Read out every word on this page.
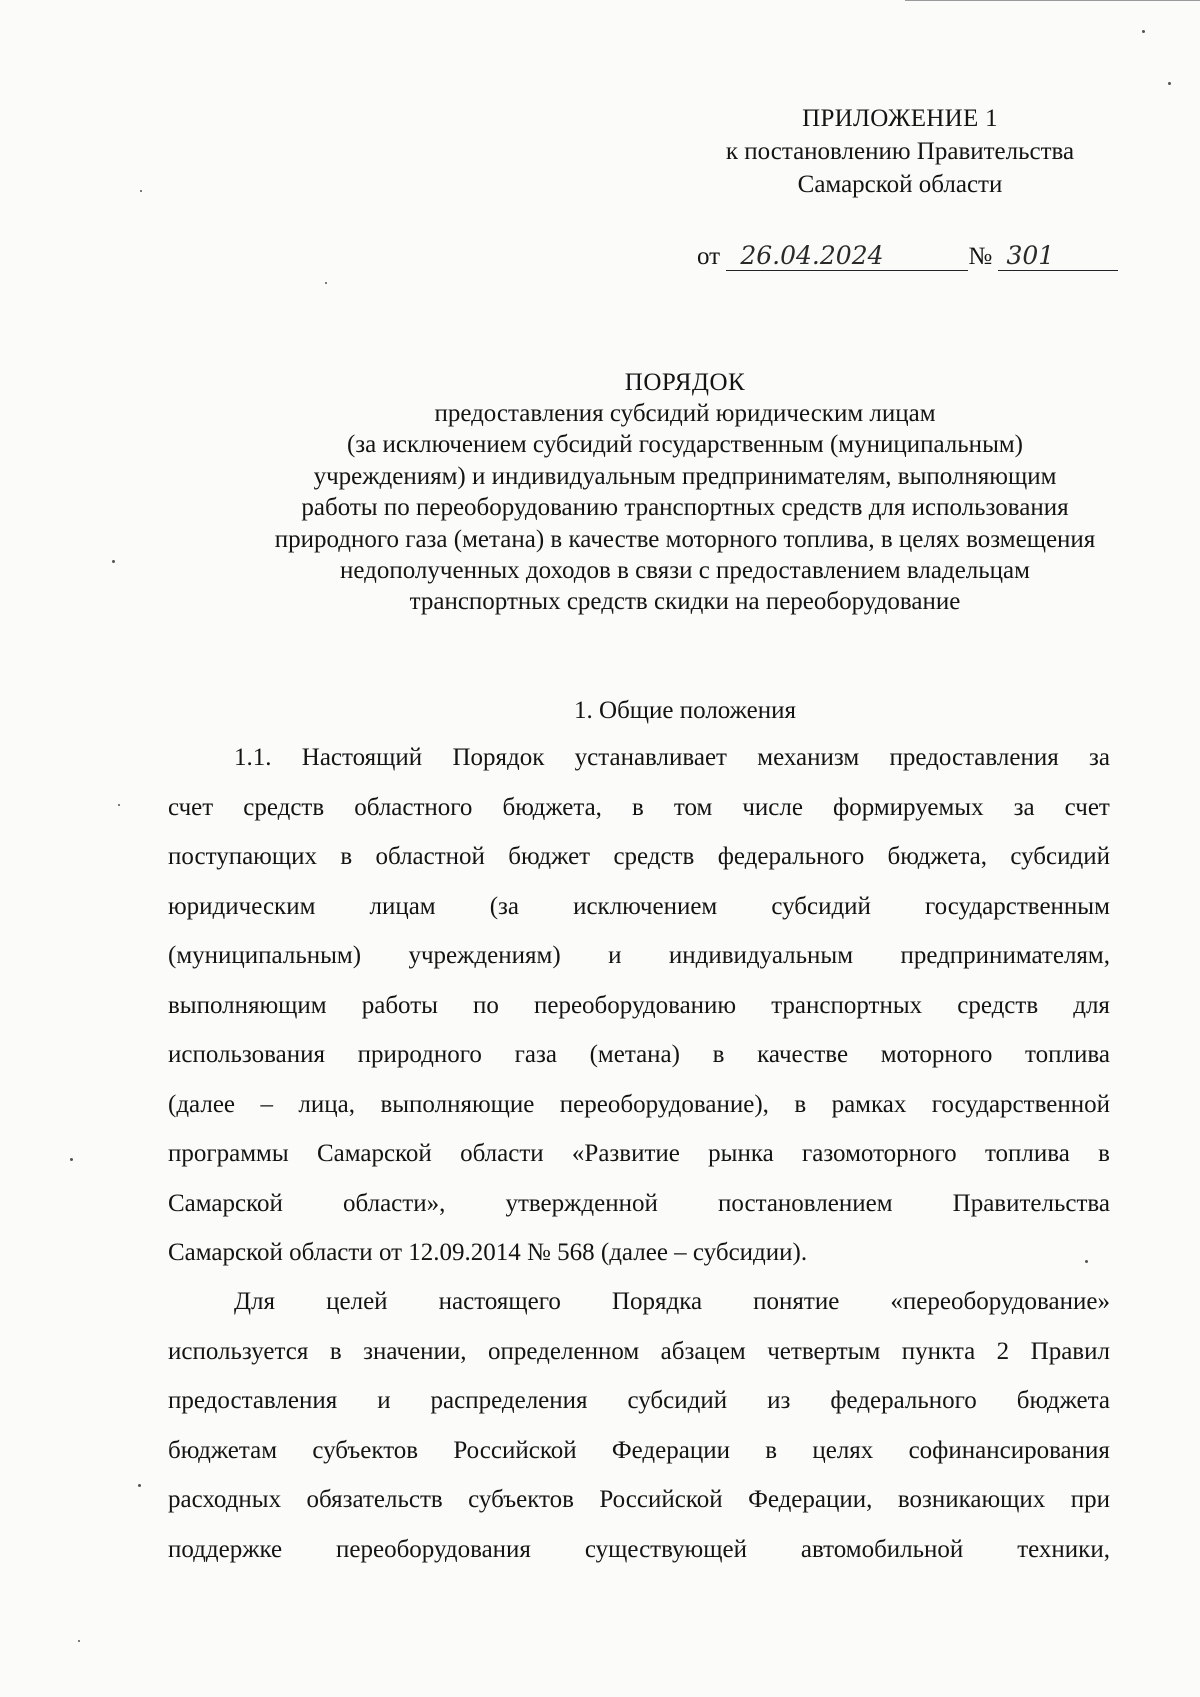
ПРИЛОЖЕНИЕ 1
к постановлению Правительства
Самарской области
от 26.04.2024	№ 301
ПОРЯДОК
предоставления субсидий юридическим лицам
(за исключением субсидий государственным (муниципальным)
учреждениям) и индивидуальным предпринимателям, выполняющим
работы по переоборудованию транспортных средств для использования
природного газа (метана) в качестве моторного топлива, в целях возмещения
недополученных доходов в связи с предоставлением владельцам
транспортных средств скидки на переоборудование
1. Общие положения
1.1. Настоящий Порядок устанавливает механизм предоставления за
счет средств областного бюджета, в том числе формируемых за счет
поступающих в областной бюджет средств федерального бюджета, субсидий
юридическим лицам (за исключением субсидий государственным
(муниципальным) учреждениям) и индивидуальным предпринимателям,
выполняющим работы по переоборудованию транспортных средств для
использования природного газа (метана) в качестве моторного топлива
(далее – лица, выполняющие переоборудование), в рамках государственной
программы Самарской области «Развитие рынка газомоторного топлива в
Самарской области», утвержденной постановлением Правительства
Самарской области от 12.09.2014 № 568 (далее – субсидии).
Для целей настоящего Порядка понятие «переоборудование»
используется в значении, определенном абзацем четвертым пункта 2 Правил
предоставления и распределения субсидий из федерального бюджета
бюджетам субъектов Российской Федерации в целях софинансирования
расходных обязательств субъектов Российской Федерации, возникающих при
поддержке переоборудования существующей автомобильной техники,
